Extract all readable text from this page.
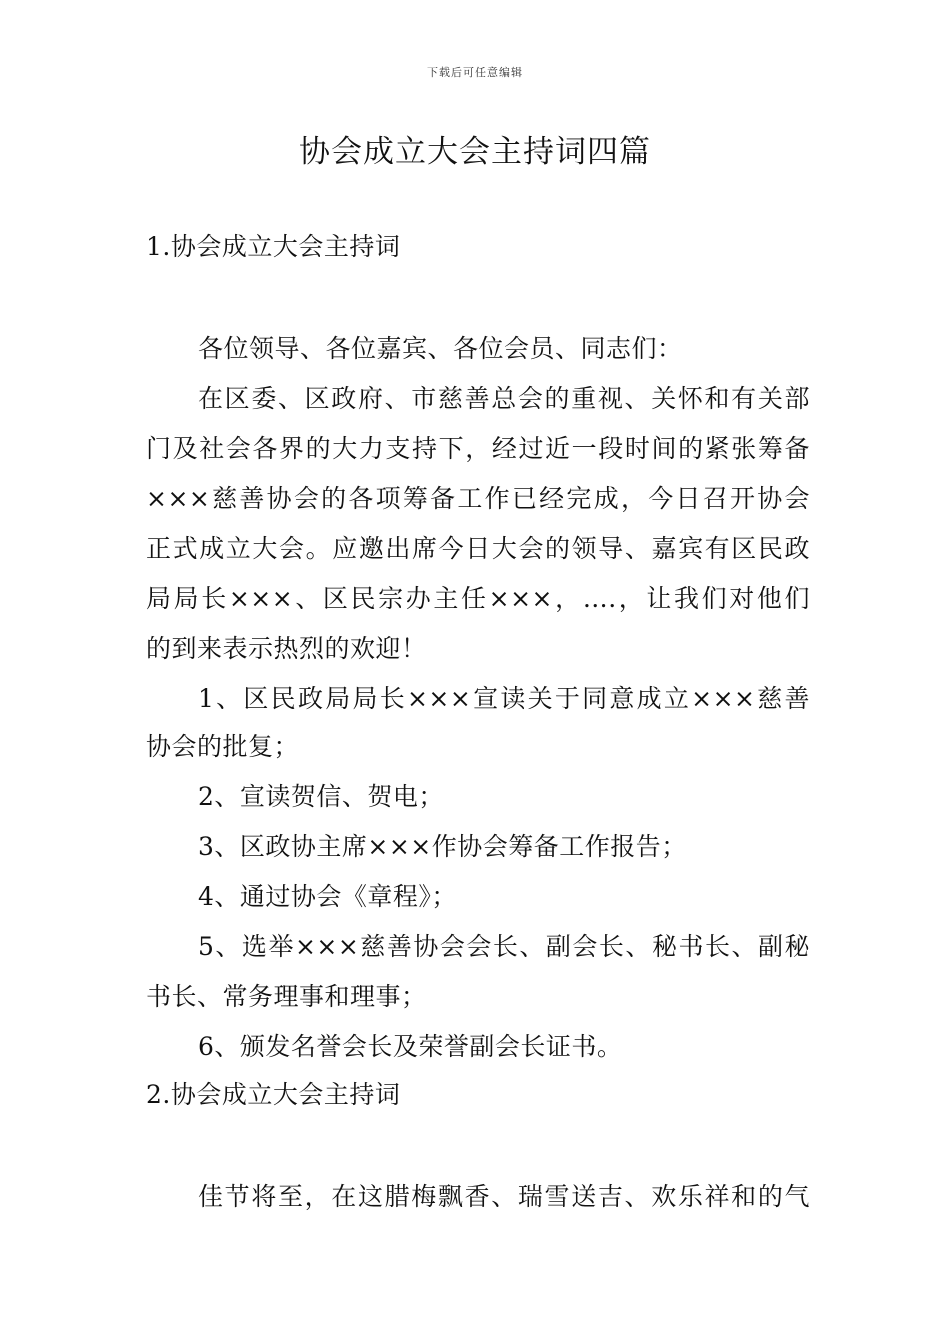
下载后可任意编辑
协会成立大会主持词四篇
1.协会成立大会主持词
各位领导、各位嘉宾、各位会员、同志们：
在区委、区政府、市慈善总会的重视、关怀和有关部
门及社会各界的大力支持下，经过近一段时间的紧张筹备
×××慈善协会的各项筹备工作已经完成，今日召开协会
正式成立大会。应邀出席今日大会的领导、嘉宾有区民政
局局长×××、区民宗办主任×××，….，让我们对他们
的到来表示热烈的欢迎！
1、区民政局局长×××宣读关于同意成立×××慈善
协会的批复；
2、宣读贺信、贺电；
3、区政协主席×××作协会筹备工作报告；
4、通过协会《章程》；
5、选举×××慈善协会会长、副会长、秘书长、副秘
书长、常务理事和理事；
6、颁发名誉会长及荣誉副会长证书。
2.协会成立大会主持词
佳节将至，在这腊梅飘香、瑞雪送吉、欢乐祥和的气
